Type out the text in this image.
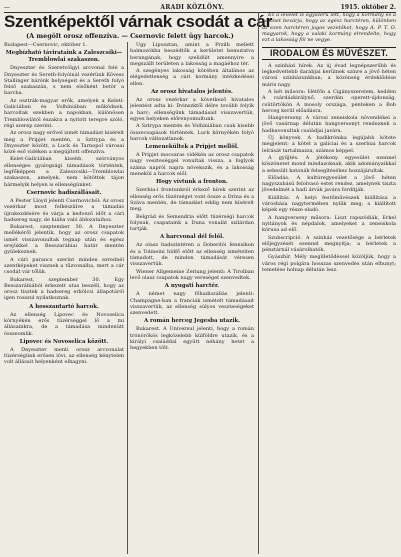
—	ARADI KÖZLÖNY.	1915. október 2.
Szentképektől várnak csodát a cár
(A megölt orosz offenzíva. — Csernovic felett ügy harcok.)

Budapest—Csernovic, október 1.

Megbízható távirataink a Zaleszcsiki—Tremblowlai szakaszon.

Dnyeszter és Szeretvölgyi arcvonal felé a Dnyeszter és Sereth-folyóinál vezérünk Kövess Stallinger bárónk helységeit és a Sereth folyó felső szakaszán, s nem elsőként betör a harcba.

Az osztrák-magyar erők, amelyek a Keleti-Galíciában és Volhíniában működnek, harcoltak ezekben a napokban, különösen Tremblowlától északra a nyitott terepre szóló, régi szerep szerint.

Az orosz nagy erővel ismét támadást kísérelt meg a Pripjet mentén, a Sztrypa és a Dnyeszter között, a Luck és Tarnopol városai közé eső vidéken a megújított offenzíva.

Kelet-Galíciában kisebb, szórványos ellenséges gyalogsági támadások történtek, legfőképpen a Zaleszcsiki—Tremblowlai szakaszon, amelyek, nem kötöttek tájon bármelyik helyen is ellenségünket.

Csernovic hadiszállásait.

A Pester Lloyd jelenti Csernovicból: Az orosz vezérkar most felkészülve a támadás újrakezdésére és várja a kedvező időt a cári hadsereg nagy, de hiába való áldozataihoz.

Bukarest, szeptember 30. A Dnyeszter mellékéről jelentik, hogy az orosz csapatok ismét visszavonultak tegnap után és egész erejükkel a Besszarábiai határ mentén gyülekeznek.

A cári parancs szerint minden ezrednél szentképeket visznek a tűzvonalba, mert a cár csodát vár tőlük.

Bukarest, szeptember 30. Egy Besszarábiából érkezett utas beszéli, hogy az orosz tisztek a hadsereg erkölcsi állapotáról igen rosszul nyilatkoznak.

A hosszantartó harcok.

Az ellenség Lipovec és Novoselica környékén erős tüzérséggel lő a mi állásainkra, de a támadása mindenütt összeomlik.

Lipovec és Novoselica között.

A Dnyeszter menti orosz arcvonalat tüzérségünk erősen lövi, az ellenség kénytelen volt állásait helyenként elhagyni.

Ügy Lipusztan, amint a Przilh mellett halmozókba beszédtők a kerületet bemutatva berangának, hogy szelidült amennyire a megszállt területen a lakosság a magáéhoz tér.

A szegényes lakosság körében általános az elégedetlenség a cári kormány intézkedései ellen.

Az orosz hivatalos jelentés.

Az orosz vezérkar a következő hivatalos jelentést adta ki: Dvinszktől délre tovább folyik a harc; ellenségünk támadásait visszavertük, egyes helyeken előrenyomultunk.

A Sztrypa mentén és Volhíniában csak kisebb összecsapások történtek. Luck környékén folyó harcok változatlanok.

Lemenekültek a Pripjet mellől.

A Pripjet mocsaras vidékén az orosz csapatok nagy veszteséggel vonultak vissza, a foglyok száma napról napra növekszik, és a lakosság menekül a harcok elől.

Hogy vívtunk a fronton.

Szerbia-i frontunkról érkező hírek szerint az ellenség erős tüzérséget vont össze a Drina és a Száva mentén, de támadást eddig nem kísérelt meg.

Belgrád és Semendria előtt tüzérségi harcok folynak, csapataink a Duna vonalát szilárdan tartják.

A harcvonal dél felől.

Az olasz hadszíntéren a Doberdói fennsíkon és a Tolmeini hídfő előtt az ellenség ismételten támadott, de minden támadását véresen visszavertük.

Wiener Allgemeine Zeitung jelenti: A Tirolban levő olasz csapatok nagy vereséget szenvedtek.

A nyugati harctér.

A német nagy főhadiszállás jelenti: Champagne-ban a franciák ismételt támadásait visszavertük, az ellenség súlyos veszteségeket szenvedett.

A román herceg Jegesba utazik.

Bukarest. A Universul jelenti, hogy a román trónörökös legközelebb külföldre utazik, és a királyi családdal együtt néhány hetet a hegyekben tölt.

Ez a levelet is egyszerű lett, hogy a kormány és a kabinet bevárja, hogy az egész harctéren, különben az ezen harctéren jogos vezetőket, hogy A. P. T. O. magyarok, hogy a valaki kormány elrendelte, hogy ezt a lakosság föl ne vegye.

IRODALOM ÉS MŰVÉSZET.

A színházi hírek. Az új évad legnépszerűbb és legkedveltebb darabjai kerülnek színre a jövő héten városi színházunkban; a közönség érdeklődése máris nagy.

A hét műsora: Hétfőn a Cigányszerelem, kedden A csárdáskirálynő, szerdán operett-újdonság, csütörtökön A mosoly országa, pénteken a Bob herceg kerül előadásra.

Hangverseny. A városi zeneiskola növendékei a jövő vasárnap délután hangversenyt rendeznek a hadbavonultak családjai javára.

Új könyvek. A hadikrónika legújabb kötete megjelent; a kötet a galíciai és a szerbiai harcok leírását tartalmazza, számos képpel.

A gyűjtés. A jótékony egyesület ezennel köszönetet mond mindazoknak, akik adományaikkal a sebesült katonák felsegítéséhez hozzájárultak.

Előadás. A kultúregyesület a jövő héten nagyszabású felolvasó estet rendez, amelynek tiszta jövedelmét a hadi árvák javára fordítják.

Kiállítás. A helyi festőművészek kiállítása a városháza nagytermében nyílik meg; a kiállított képek egy része eladó.

A hangverseny műsora: Liszt rapszódiák, Erkel nyitányok és népdalok, amelyeket a zeneiskola kórusa ad elő.

Szubscripció. A színház vezetősége a bérletek előjegyzését ezennel megnyitja; a bérletek a pénztárnál vásárolhatók.

Gyászhír. Mély megilletődéssel közöljük, hogy a város régi polgára hosszas szenvedés után elhunyt; temetése holnap délután lesz.
